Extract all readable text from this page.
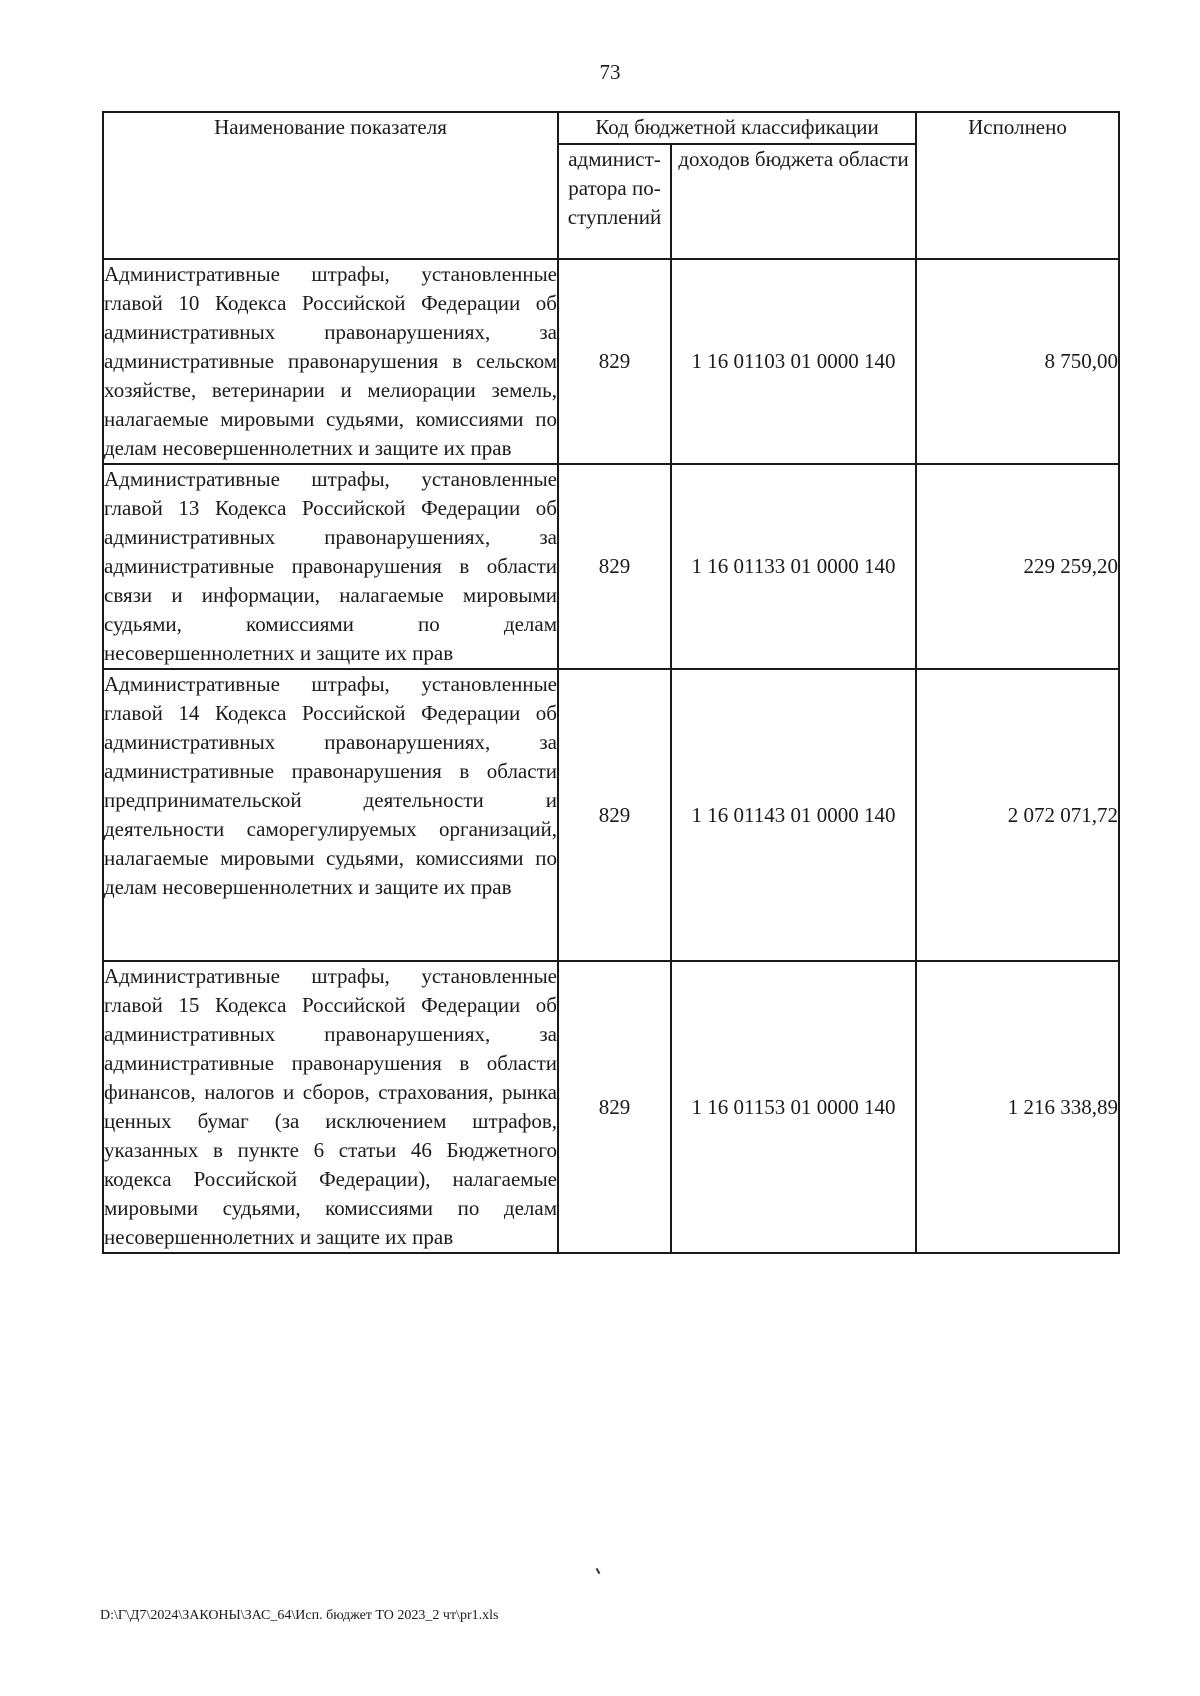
73
Наименование показателя	Код бюджетной классификации		Исполнено
	админист-ратора по-ступлений	доходов бюджета области	
Административные штрафы, установленные главой 10 Кодекса Российской Федерации об административных правонарушениях, за административные правонарушения в сельском хозяйстве, ветеринарии и мелиорации земель, налагаемые мировыми судьями, комиссиями по делам несовершеннолетних и защите их прав	829	1 16 01103 01 0000 140	8 750,00
Административные штрафы, установленные главой 13 Кодекса Российской Федерации об административных правонарушениях, за административные правонарушения в области связи и информации, налагаемые мировыми судьями, комиссиями по делам несовершеннолетних и защите их прав	829	1 16 01133 01 0000 140	229 259,20
Административные штрафы, установленные главой 14 Кодекса Российской Федерации об административных правонарушениях, за административные правонарушения в области предпринимательской деятельности и деятельности саморегулируемых организаций, налагаемые мировыми судьями, комиссиями по делам несовершеннолетних и защите их прав	829	1 16 01143 01 0000 140	2 072 071,72
Административные штрафы, установленные главой 15 Кодекса Российской Федерации об административных правонарушениях, за административные правонарушения в области финансов, налогов и сборов, страхования, рынка ценных бумаг (за исключением штрафов, указанных в пункте 6 статьи 46 Бюджетного кодекса Российской Федерации), налагаемые мировыми судьями, комиссиями по делам несовершеннолетних и защите их прав	829	1 16 01153 01 0000 140	1 216 338,89
D:\Г\Д7\2024\ЗАКОНЫ\ЗАС_64\Исп. бюджет ТО 2023_2 чт\pr1.xls
